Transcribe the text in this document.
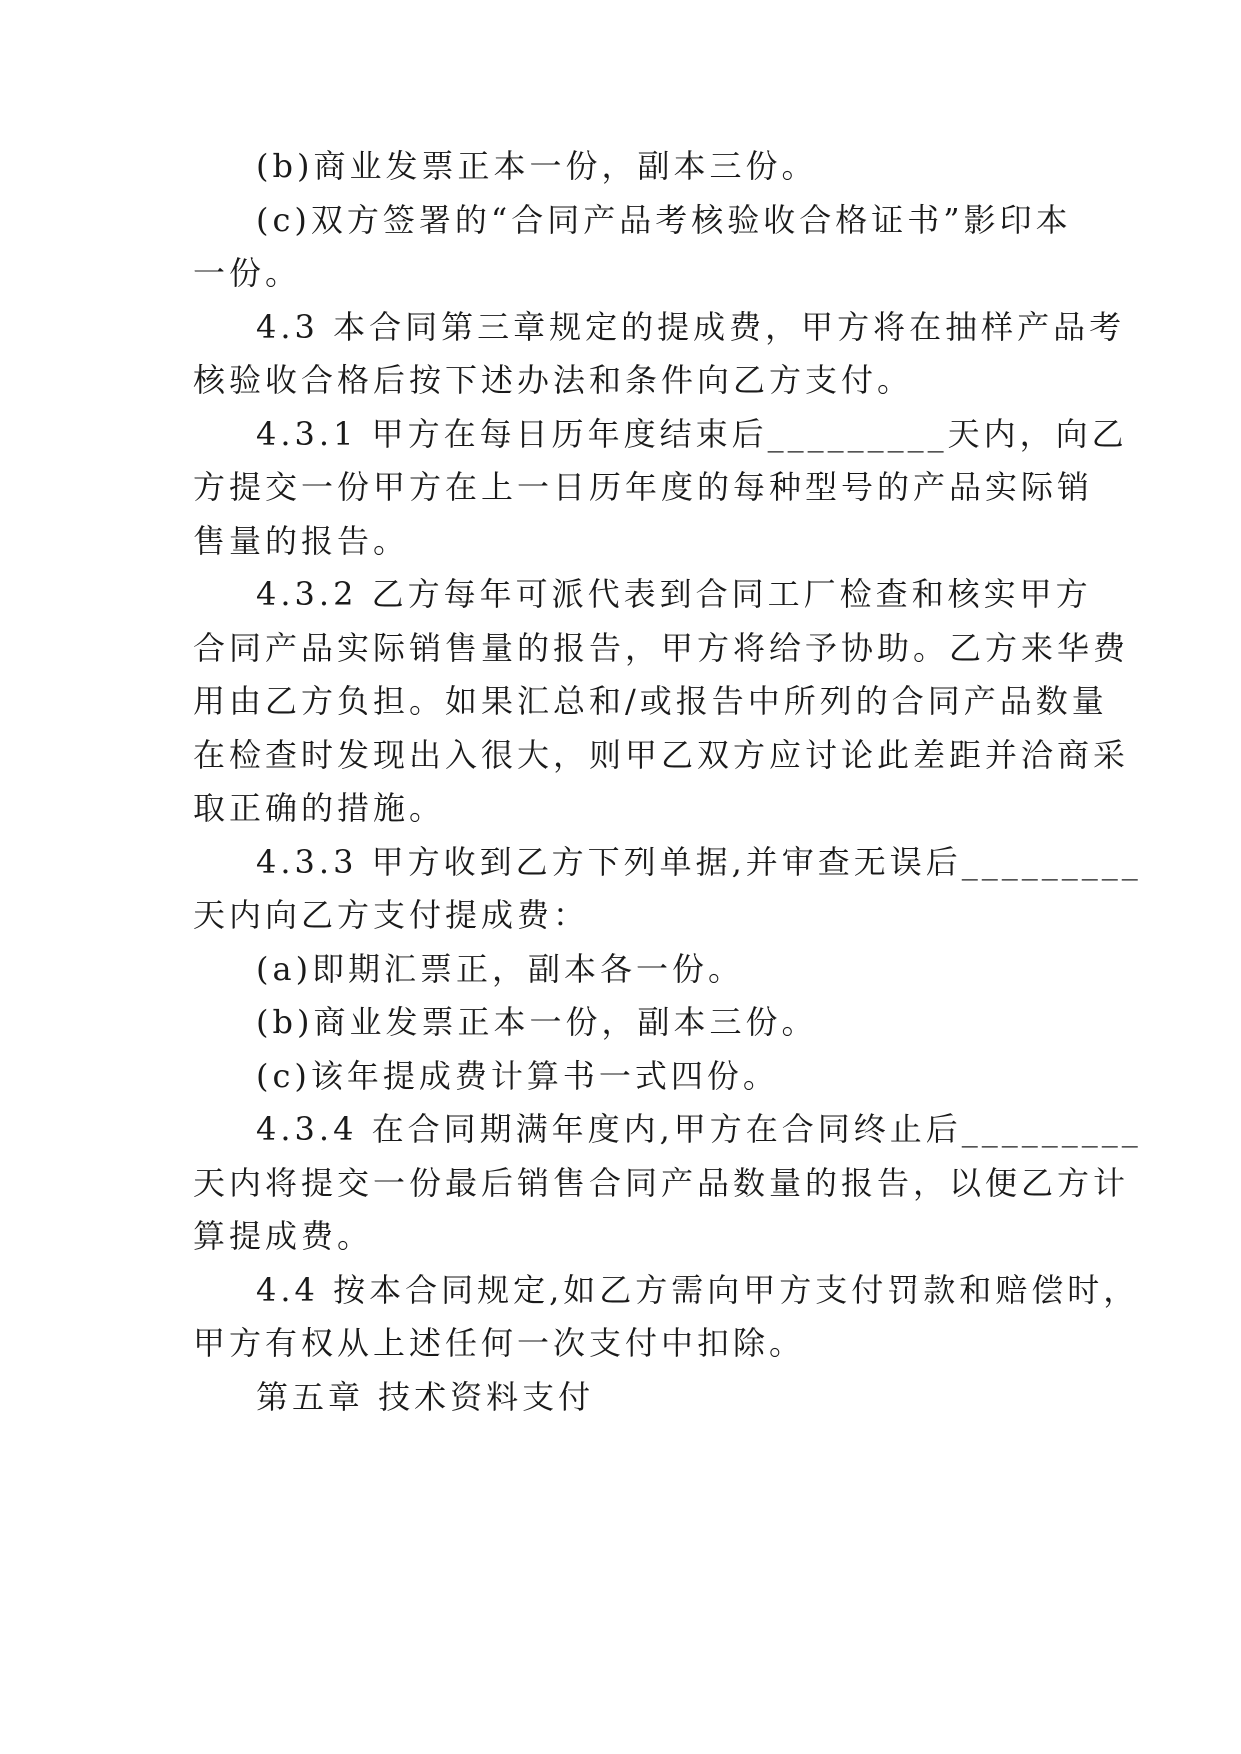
(b)商业发票正本一份，副本三份。
(c)双方签署的“合同产品考核验收合格证书”影印本
一份。
4.3 本合同第三章规定的提成费，甲方将在抽样产品考
核验收合格后按下述办法和条件向乙方支付。
4.3.1 甲方在每日历年度结束后_________天内，向乙
方提交一份甲方在上一日历年度的每种型号的产品实际销
售量的报告。
4.3.2 乙方每年可派代表到合同工厂检查和核实甲方
合同产品实际销售量的报告，甲方将给予协助。乙方来华费
用由乙方负担。如果汇总和/或报告中所列的合同产品数量
在检查时发现出入很大，则甲乙双方应讨论此差距并洽商采
取正确的措施。
4.3.3 甲方收到乙方下列单据,并审查无误后_________
天内向乙方支付提成费：
(a)即期汇票正，副本各一份。
(b)商业发票正本一份，副本三份。
(c)该年提成费计算书一式四份。
4.3.4 在合同期满年度内,甲方在合同终止后_________
天内将提交一份最后销售合同产品数量的报告，以便乙方计
算提成费。
4.4 按本合同规定,如乙方需向甲方支付罚款和赔偿时，
甲方有权从上述任何一次支付中扣除。
第五章 技术资料支付
